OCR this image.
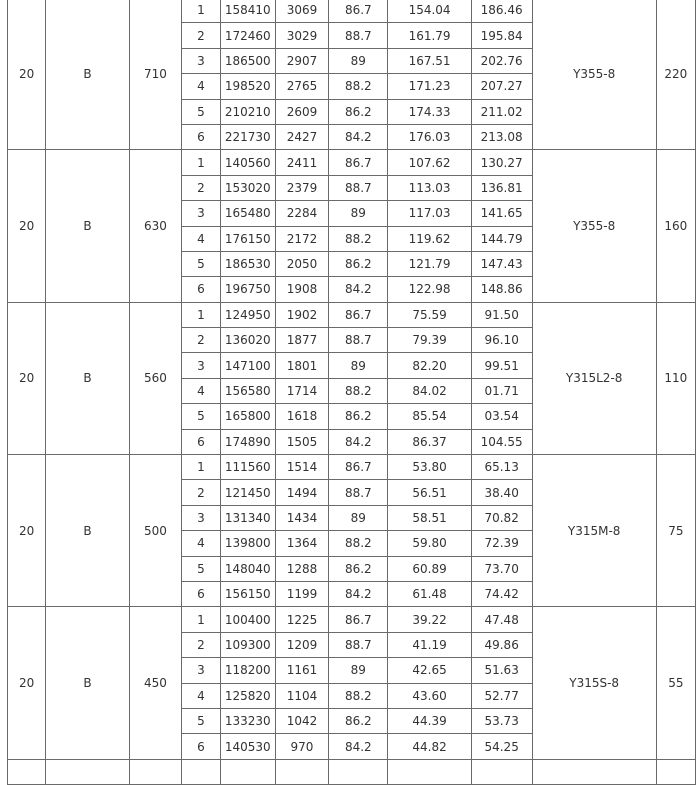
20	B	710	1	158410	3069	86.7	154.04	186.46	Y355-8	220
			2	172460	3029	88.7	161.79	195.84		
			3	186500	2907	89	167.51	202.76		
			4	198520	2765	88.2	171.23	207.27		
			5	210210	2609	86.2	174.33	211.02		
			6	221730	2427	84.2	176.03	213.08		
20	B	630	1	140560	2411	86.7	107.62	130.27	Y355-8	160
			2	153020	2379	88.7	113.03	136.81		
			3	165480	2284	89	117.03	141.65		
			4	176150	2172	88.2	119.62	144.79		
			5	186530	2050	86.2	121.79	147.43		
			6	196750	1908	84.2	122.98	148.86		
20	B	560	1	124950	1902	86.7	75.59	91.50	Y315L2-8	110
			2	136020	1877	88.7	79.39	96.10		
			3	147100	1801	89	82.20	99.51		
			4	156580	1714	88.2	84.02	01.71		
			5	165800	1618	86.2	85.54	03.54		
			6	174890	1505	84.2	86.37	104.55		
20	B	500	1	111560	1514	86.7	53.80	65.13	Y315M-8	75
			2	121450	1494	88.7	56.51	38.40		
			3	131340	1434	89	58.51	70.82		
			4	139800	1364	88.2	59.80	72.39		
			5	148040	1288	86.2	60.89	73.70		
			6	156150	1199	84.2	61.48	74.42		
20	B	450	1	100400	1225	86.7	39.22	47.48	Y315S-8	55
			2	109300	1209	88.7	41.19	49.86		
			3	118200	1161	89	42.65	51.63		
			4	125820	1104	88.2	43.60	52.77		
			5	133230	1042	86.2	44.39	53.73		
			6	140530	970	84.2	44.82	54.25		
